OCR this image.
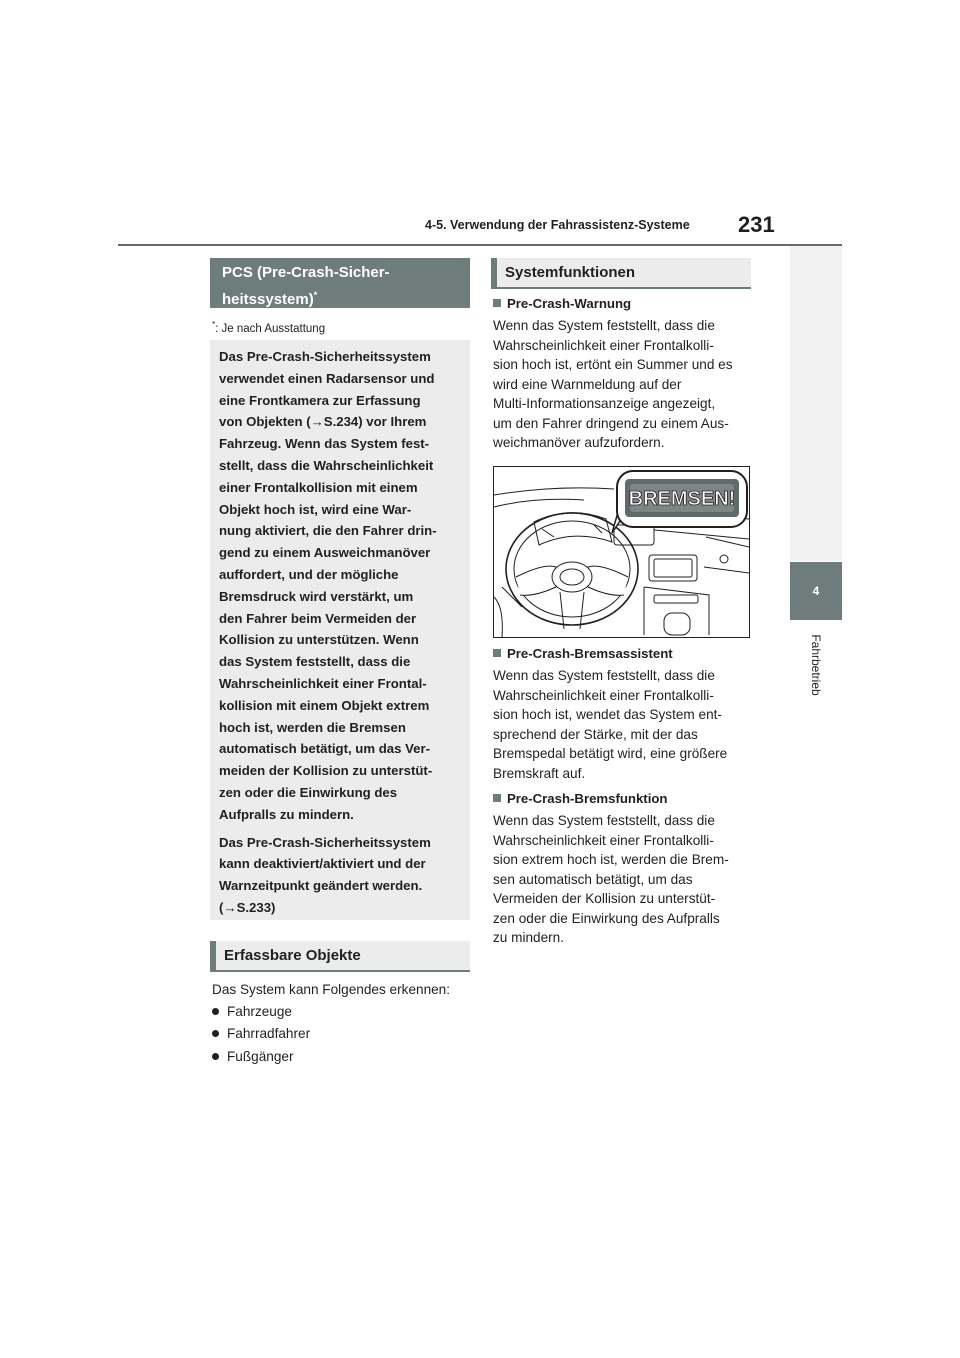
4-5. Verwendung der Fahrassistenz-Systeme 231
4
Fahrbetrieb
PCS (Pre-Crash-Sicher-
heitssystem)*
*: Je nach Ausstattung

Das Pre-Crash-Sicherheitssystem
verwendet einen Radarsensor und
eine Frontkamera zur Erfassung
von Objekten (→S.234) vor Ihrem
Fahrzeug. Wenn das System fest-
stellt, dass die Wahrscheinlichkeit
einer Frontalkollision mit einem
Objekt hoch ist, wird eine War-
nung aktiviert, die den Fahrer drin-
gend zu einem Ausweichmanöver
auffordert, und der mögliche
Bremsdruck wird verstärkt, um
den Fahrer beim Vermeiden der
Kollision zu unterstützen. Wenn
das System feststellt, dass die
Wahrscheinlichkeit einer Frontal-
kollision mit einem Objekt extrem
hoch ist, werden die Bremsen
automatisch betätigt, um das Ver-
meiden der Kollision zu unterstüt-
zen oder die Einwirkung des
Aufpralls zu mindern.

Das Pre-Crash-Sicherheitssystem
kann deaktiviert/aktiviert und der
Warnzeitpunkt geändert werden.
(→S.233)

Erfassbare Objekte
Das System kann Folgendes erkennen:
Fahrzeuge
Fahrradfahrer
Fußgänger
Systemfunktionen
Pre-Crash-Warnung
Wenn das System feststellt, dass die
Wahrscheinlichkeit einer Frontalkolli-
sion hoch ist, ertönt ein Summer und es
wird eine Warnmeldung auf der
Multi-Informationsanzeige angezeigt,
um den Fahrer dringend zu einem Aus-
weichmanöver aufzufordern.
BREMSEN!
Pre-Crash-Bremsassistent
Wenn das System feststellt, dass die
Wahrscheinlichkeit einer Frontalkolli-
sion hoch ist, wendet das System ent-
sprechend der Stärke, mit der das
Bremspedal betätigt wird, eine größere
Bremskraft auf.
Pre-Crash-Bremsfunktion
Wenn das System feststellt, dass die
Wahrscheinlichkeit einer Frontalkolli-
sion extrem hoch ist, werden die Brem-
sen automatisch betätigt, um das
Vermeiden der Kollision zu unterstüt-
zen oder die Einwirkung des Aufpralls
zu mindern.
